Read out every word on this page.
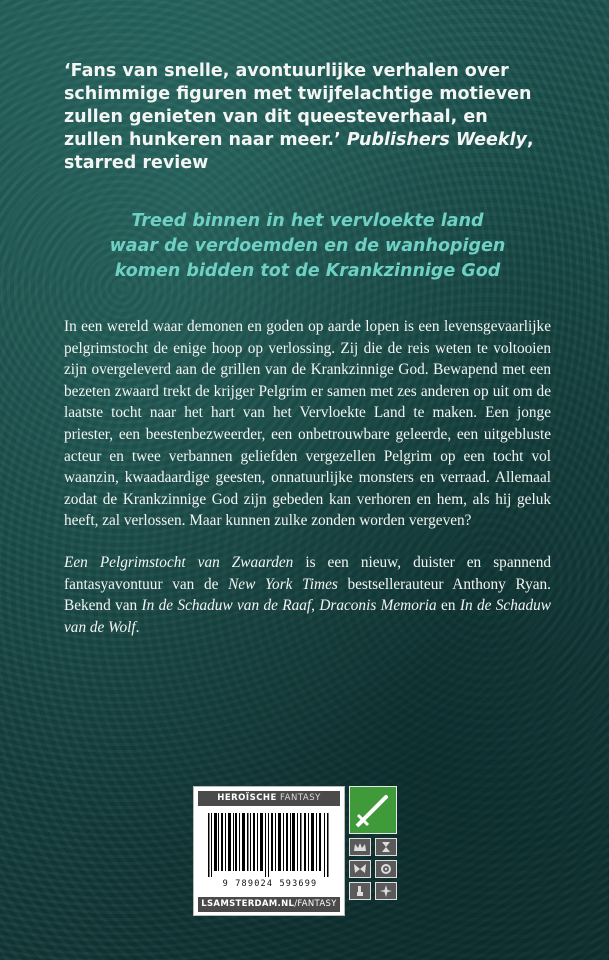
‘Fans van snelle, avontuurlijke verhalen over schimmige figuren met twijfelachtige motieven zullen genieten van dit queesteverhaal, en zullen hunkeren naar meer.’ Publishers Weekly, starred review

Treed binnen in het vervloekte land
waar de verdoemden en de wanhopigen
komen bidden tot de Krankzinnige God

In een wereld waar demonen en goden op aarde lopen is een levensgevaarlijke pelgrimstocht de enige hoop op verlossing. Zij die de reis weten te voltooien zijn overgeleverd aan de grillen van de Krankzinnige God. Bewapend met een bezeten zwaard trekt de krijger Pelgrim er samen met zes anderen op uit om de laatste tocht naar het hart van het Vervloekte Land te maken. Een jonge priester, een beestenbezweerder, een onbetrouwbare geleerde, een uitgebluste acteur en twee verbannen geliefden vergezellen Pelgrim op een tocht vol waanzin, kwaadaardige geesten, onnatuurlijke monsters en verraad. Allemaal zodat de Krankzinnige God zijn gebeden kan verhoren en hem, als hij geluk heeft, zal verlossen. Maar kunnen zulke zonden worden vergeven?

Een Pelgrimstocht van Zwaarden is een nieuw, duister en spannend fantasyavontuur van de New York Times bestsellerauteur Anthony Ryan. Bekend van In de Schaduw van de Raaf, Draconis Memoria en In de Schaduw van de Wolf.

HEROÏSCHE FANTASY
9 789024 593699
LSAMSTERDAM.NL/FANTASY
